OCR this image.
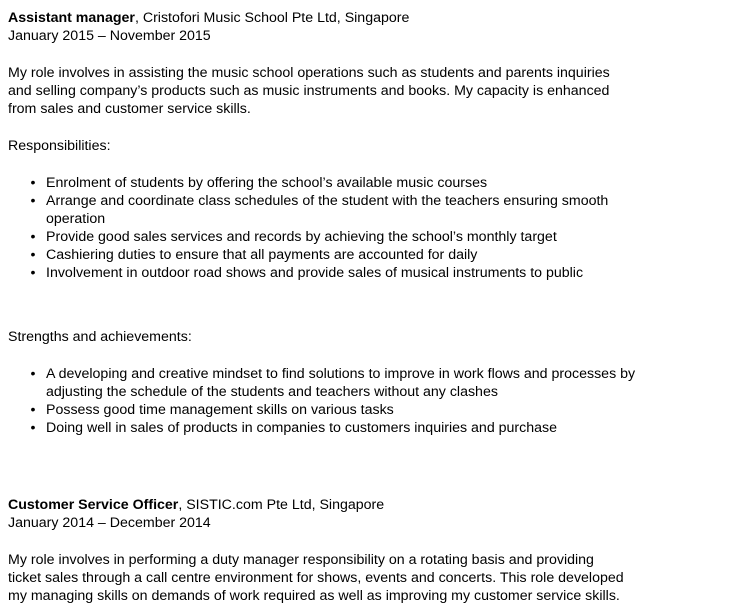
Assistant manager, Cristofori Music School Pte Ltd, Singapore
January 2015 – November 2015
My role involves in assisting the music school operations such as students and parents inquiries
and selling company’s products such as music instruments and books. My capacity is enhanced
from sales and customer service skills.
Responsibilities:
• Enrolment of students by offering the school’s available music courses
• Arrange and coordinate class schedules of the student with the teachers ensuring smooth
operation
• Provide good sales services and records by achieving the school’s monthly target
• Cashiering duties to ensure that all payments are accounted for daily
• Involvement in outdoor road shows and provide sales of musical instruments to public
Strengths and achievements:
• A developing and creative mindset to find solutions to improve in work flows and processes by
adjusting the schedule of the students and teachers without any clashes
• Possess good time management skills on various tasks
• Doing well in sales of products in companies to customers inquiries and purchase
Customer Service Officer, SISTIC.com Pte Ltd, Singapore
January 2014 – December 2014
My role involves in performing a duty manager responsibility on a rotating basis and providing
ticket sales through a call centre environment for shows, events and concerts. This role developed
my managing skills on demands of work required as well as improving my customer service skills.
